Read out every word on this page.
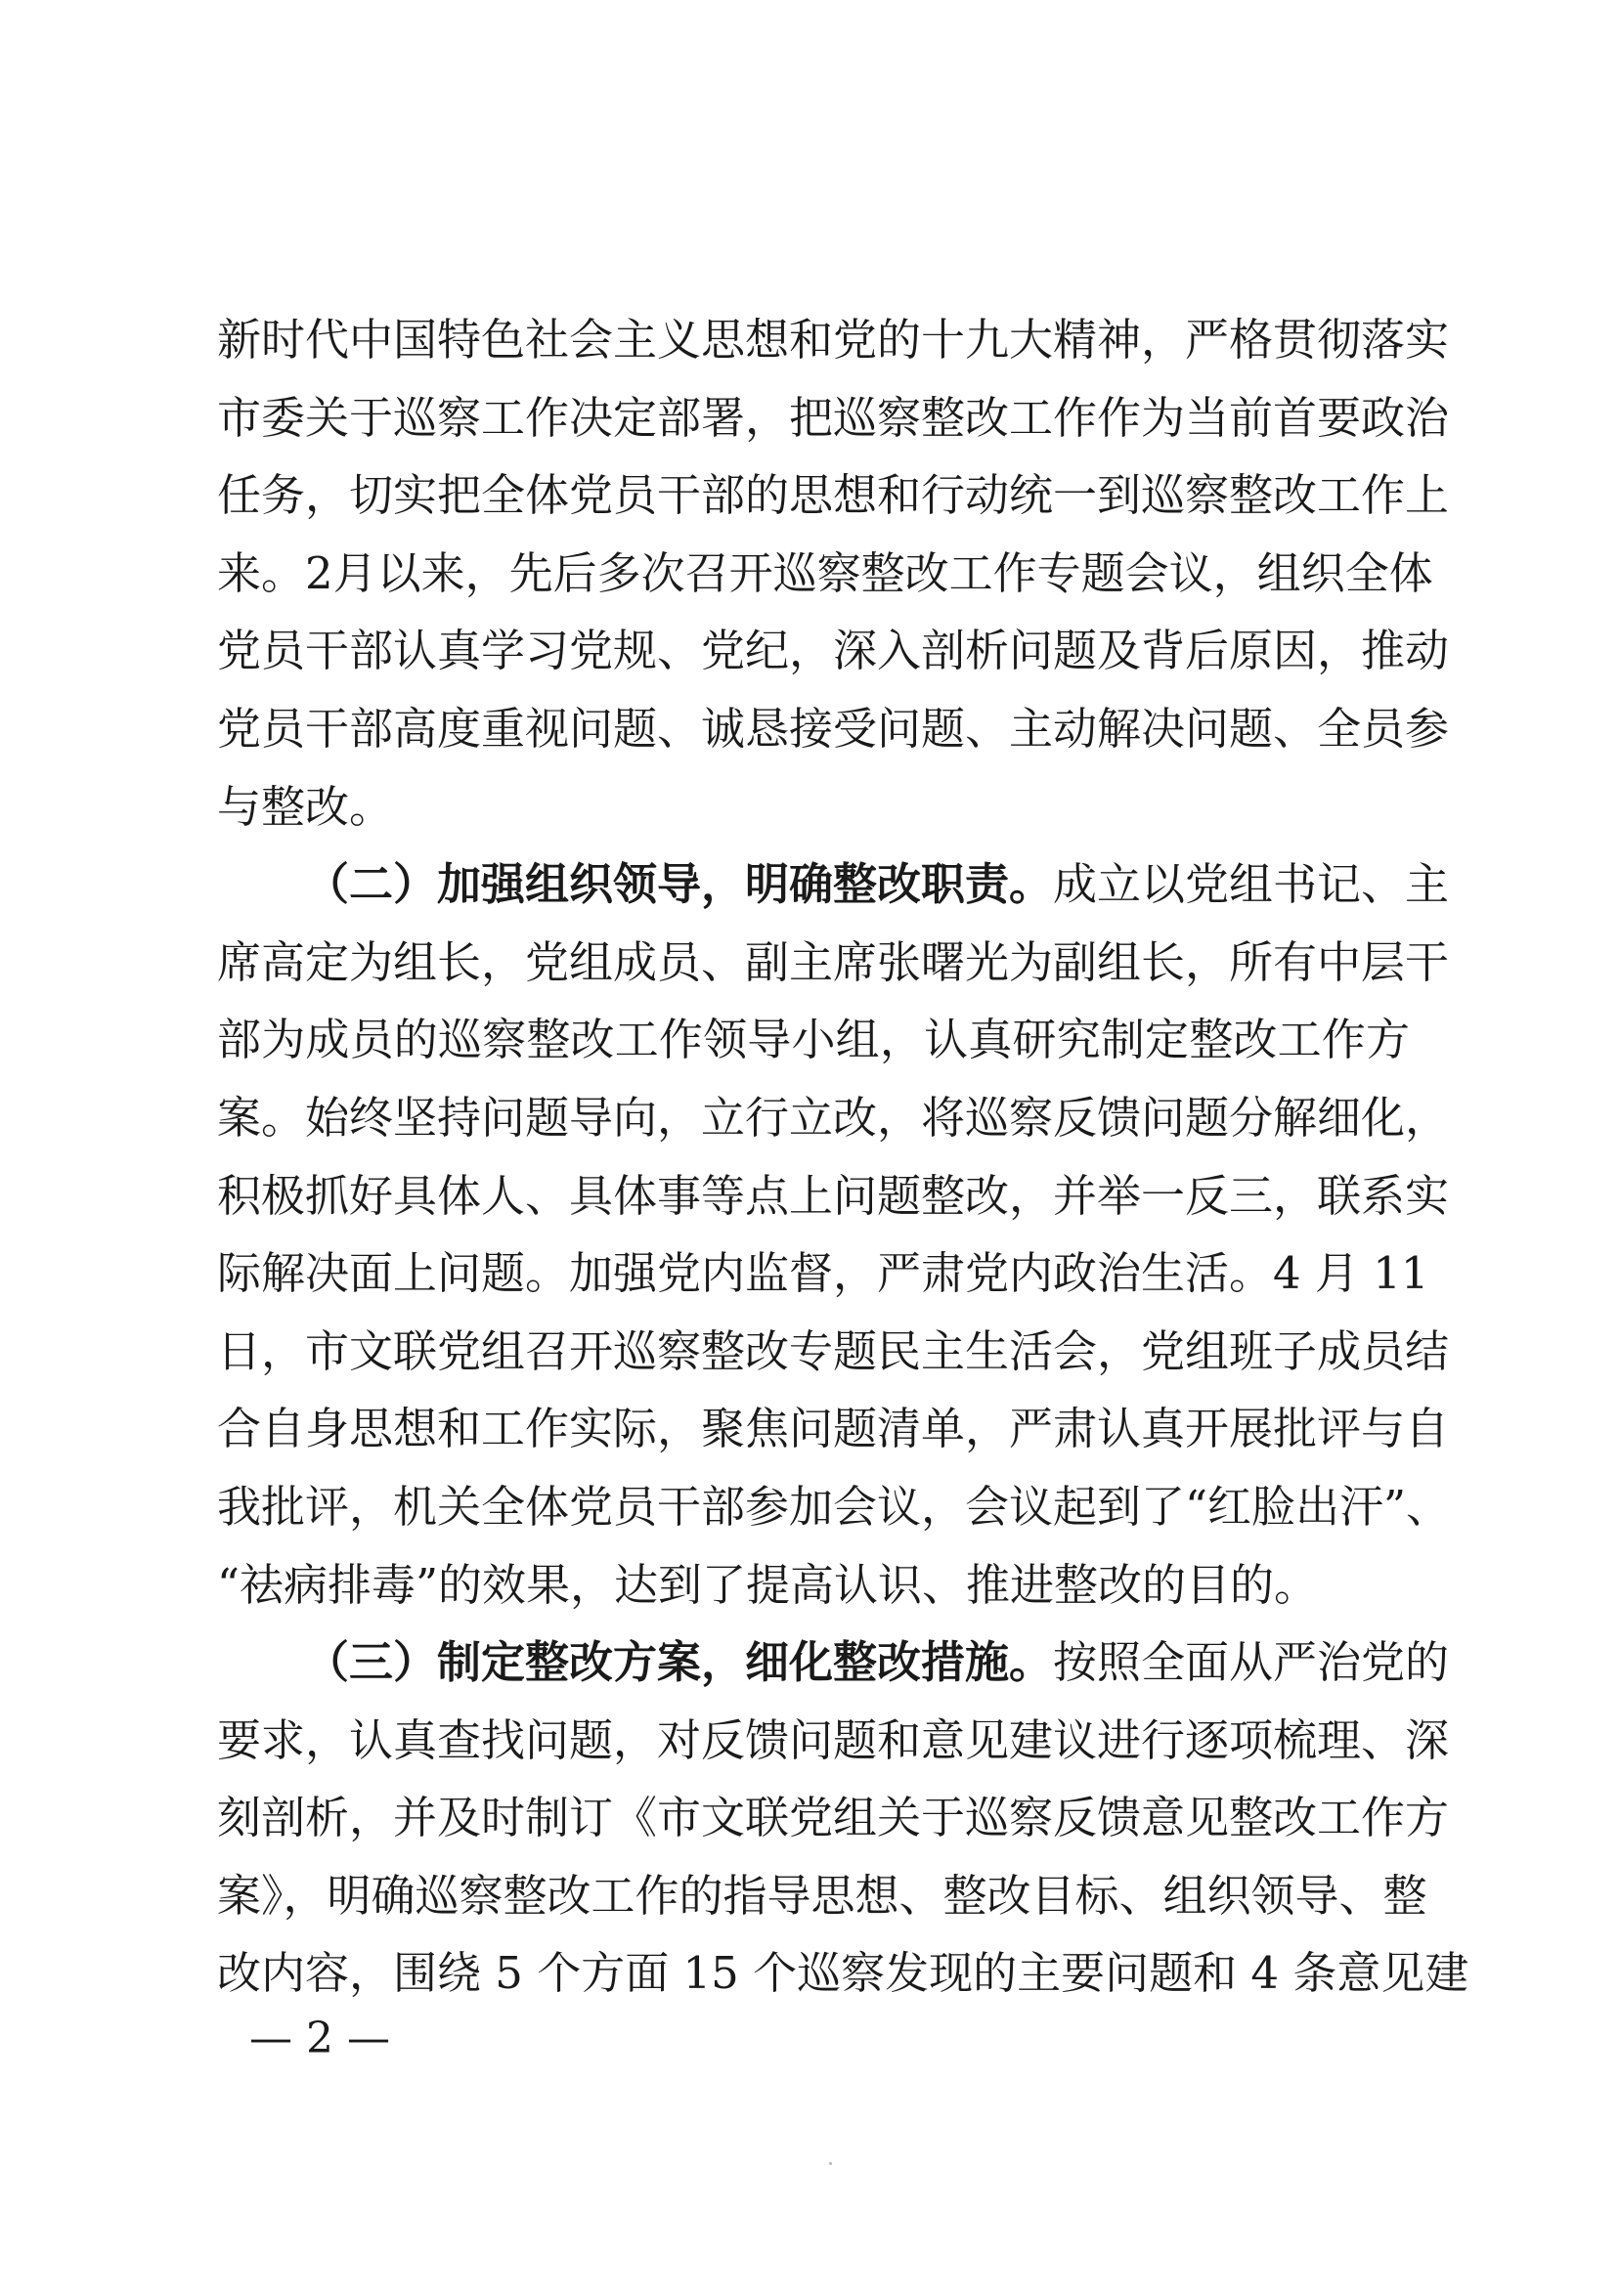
新时代中国特色社会主义思想和党的十九大精神，严格贯彻落实
市委关于巡察工作决定部署，把巡察整改工作作为当前首要政治
任务，切实把全体党员干部的思想和行动统一到巡察整改工作上
来。2月以来，先后多次召开巡察整改工作专题会议，组织全体
党员干部认真学习党规、党纪，深入剖析问题及背后原因，推动
党员干部高度重视问题、诚恳接受问题、主动解决问题、全员参
与整改。
（二）加强组织领导，明确整改职责。成立以党组书记、主
席高定为组长，党组成员、副主席张曙光为副组长，所有中层干
部为成员的巡察整改工作领导小组，认真研究制定整改工作方
案。始终坚持问题导向，立行立改，将巡察反馈问题分解细化，
积极抓好具体人、具体事等点上问题整改，并举一反三，联系实
际解决面上问题。加强党内监督，严肃党内政治生活。4 月 11
日，市文联党组召开巡察整改专题民主生活会，党组班子成员结
合自身思想和工作实际，聚焦问题清单，严肃认真开展批评与自
我批评，机关全体党员干部参加会议，会议起到了“红脸出汗”、
“祛病排毒”的效果，达到了提高认识、推进整改的目的。
（三）制定整改方案，细化整改措施。按照全面从严治党的
要求，认真查找问题，对反馈问题和意见建议进行逐项梳理、深
刻剖析，并及时制订《市文联党组关于巡察反馈意见整改工作方
案》，明确巡察整改工作的指导思想、整改目标、组织领导、整
改内容，围绕 5 个方面 15 个巡察发现的主要问题和 4 条意见建
— 2 —
